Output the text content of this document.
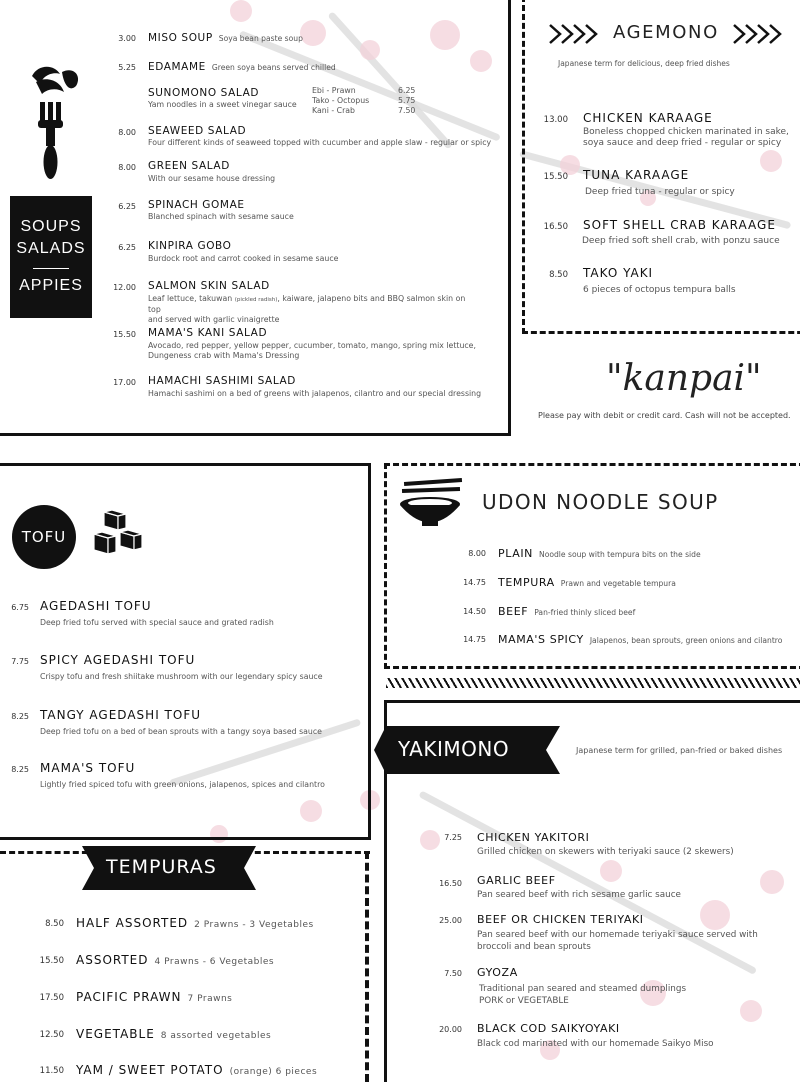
SOUPS
SALADS
APPIES
3.00 MISO SOUP Soya bean paste soup
5.25 EDAMAME Green soya beans served chilled
SUNOMONO SALAD
Yam noodles in a sweet vinegar sauce
Ebi - Prawn	6.25
Tako - Octopus	5.75
Kani - Crab	7.50
8.00 SEAWEED SALAD
Four different kinds of seaweed topped with cucumber and apple slaw - regular or spicy
8.00 GREEN SALAD
With our sesame house dressing
6.25 SPINACH GOMAE
Blanched spinach with sesame sauce
6.25 KINPIRA GOBO
Burdock root and carrot cooked in sesame sauce
12.00 SALMON SKIN SALAD
Leaf lettuce, takuwan (pickled radish), kaiware, jalapeno bits and BBQ salmon skin on top
and served with garlic vinaigrette
15.50 MAMA'S KANI SALAD
Avocado, red pepper, yellow pepper, cucumber, tomato, mango, spring mix lettuce,
Dungeness crab with Mama's Dressing
17.00 HAMACHI SASHIMI SALAD
Hamachi sashimi on a bed of greens with jalapenos, cilantro and our special dressing
AGEMONO
Japanese term for delicious, deep fried dishes
13.00 CHICKEN KARAAGE
Boneless chopped chicken marinated in sake,
soya sauce and deep fried - regular or spicy
15.50 TUNA KARAAGE
Deep fried tuna - regular or spicy
16.50 SOFT SHELL CRAB KARAAGE
Deep fried soft shell crab, with ponzu sauce
8.50 TAKO YAKI
6 pieces of octopus tempura balls
"kanpai"
Please pay with debit or credit card. Cash will not be accepted.
TOFU
6.75 AGEDASHI TOFU
Deep fried tofu served with special sauce and grated radish
7.75 SPICY AGEDASHI TOFU
Crispy tofu and fresh shiitake mushroom with our legendary spicy sauce
8.25 TANGY AGEDASHI TOFU
Deep fried tofu on a bed of bean sprouts with a tangy soya based sauce
8.25 MAMA'S TOFU
Lightly fried spiced tofu with green onions, jalapenos, spices and cilantro
UDON NOODLE SOUP
8.00 PLAIN Noodle soup with tempura bits on the side
14.75 TEMPURA Prawn and vegetable tempura
14.50 BEEF Pan-fried thinly sliced beef
14.75 MAMA'S SPICY Jalapenos, bean sprouts, green onions and cilantro
YAKIMONO	Japanese term for grilled, pan-fried or baked dishes
7.25 CHICKEN YAKITORI
Grilled chicken on skewers with teriyaki sauce (2 skewers)
16.50 GARLIC BEEF
Pan seared beef with rich sesame garlic sauce
25.00 BEEF OR CHICKEN TERIYAKI
Pan seared beef with our homemade teriyaki sauce served with
broccoli and bean sprouts
7.50 GYOZA
Traditional pan seared and steamed dumplings
PORK or VEGETABLE
20.00 BLACK COD SAIKYOYAKI
Black cod marinated with our homemade Saikyo Miso
TEMPURAS
8.50 HALF ASSORTED 2 Prawns - 3 Vegetables
15.50 ASSORTED 4 Prawns - 6 Vegetables
17.50 PACIFIC PRAWN 7 Prawns
12.50 VEGETABLE 8 assorted vegetables
11.50 YAM / SWEET POTATO (orange) 6 pieces
